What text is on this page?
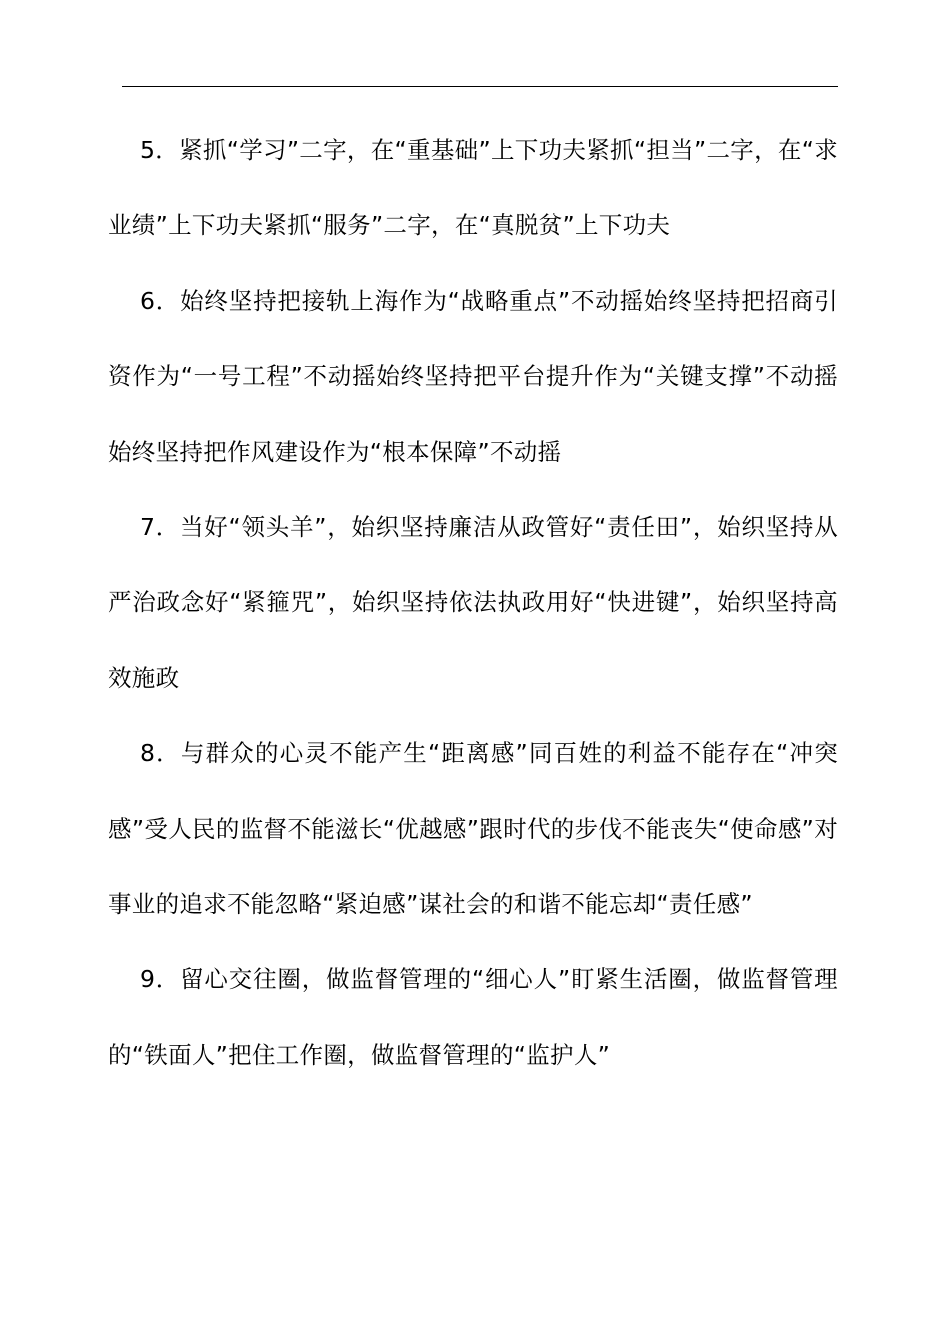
5．紧抓“学习”二字，在“重基础”上下功夫紧抓“担当”二字，在“求业绩”上下功夫紧抓“服务”二字，在“真脱贫”上下功夫

6．始终坚持把接轨上海作为“战略重点”不动摇始终坚持把招商引资作为“一号工程”不动摇始终坚持把平台提升作为“关键支撑”不动摇始终坚持把作风建设作为“根本保障”不动摇

7．当好“领头羊”，始织坚持廉洁从政管好“责任田”，始织坚持从严治政念好“紧箍咒”，始织坚持依法执政用好“快进键”，始织坚持高效施政

8．与群众的心灵不能产生“距离感”同百姓的利益不能存在“冲突感”受人民的监督不能滋长“优越感”跟时代的步伐不能丧失“使命感”对事业的追求不能忽略“紧迫感”谋社会的和谐不能忘却“责任感”

9．留心交往圈，做监督管理的“细心人”盯紧生活圈，做监督管理的“铁面人”把住工作圈，做监督管理的“监护人”
